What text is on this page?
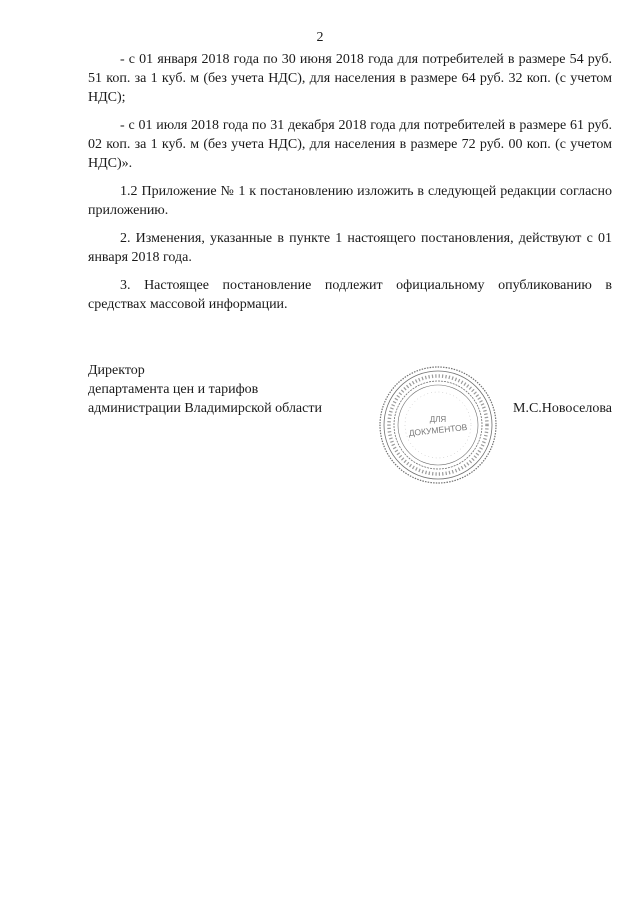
2

- с 01 января 2018 года по 30 июня 2018 года для потребителей в размере 54 руб. 51 коп. за 1 куб. м (без учета НДС), для населения в размере 64 руб. 32 коп. (с учетом НДС);

- с 01 июля 2018 года по 31 декабря 2018 года для потребителей в размере 61 руб. 02 коп. за 1 куб. м (без учета НДС), для населения в размере 72 руб. 00 коп. (с учетом НДС)».

1.2 Приложение № 1 к постановлению изложить в следующей редакции согласно приложению.

2. Изменения, указанные в пункте 1 настоящего постановления, действуют с 01 января 2018 года.

3. Настоящее постановление подлежит официальному опубликованию в средствах массовой информации.

Директор
департамента цен и тарифов
администрации Владимирской области
ДЛЯ
ДОКУМЕНТОВ
М.С.Новоселова
